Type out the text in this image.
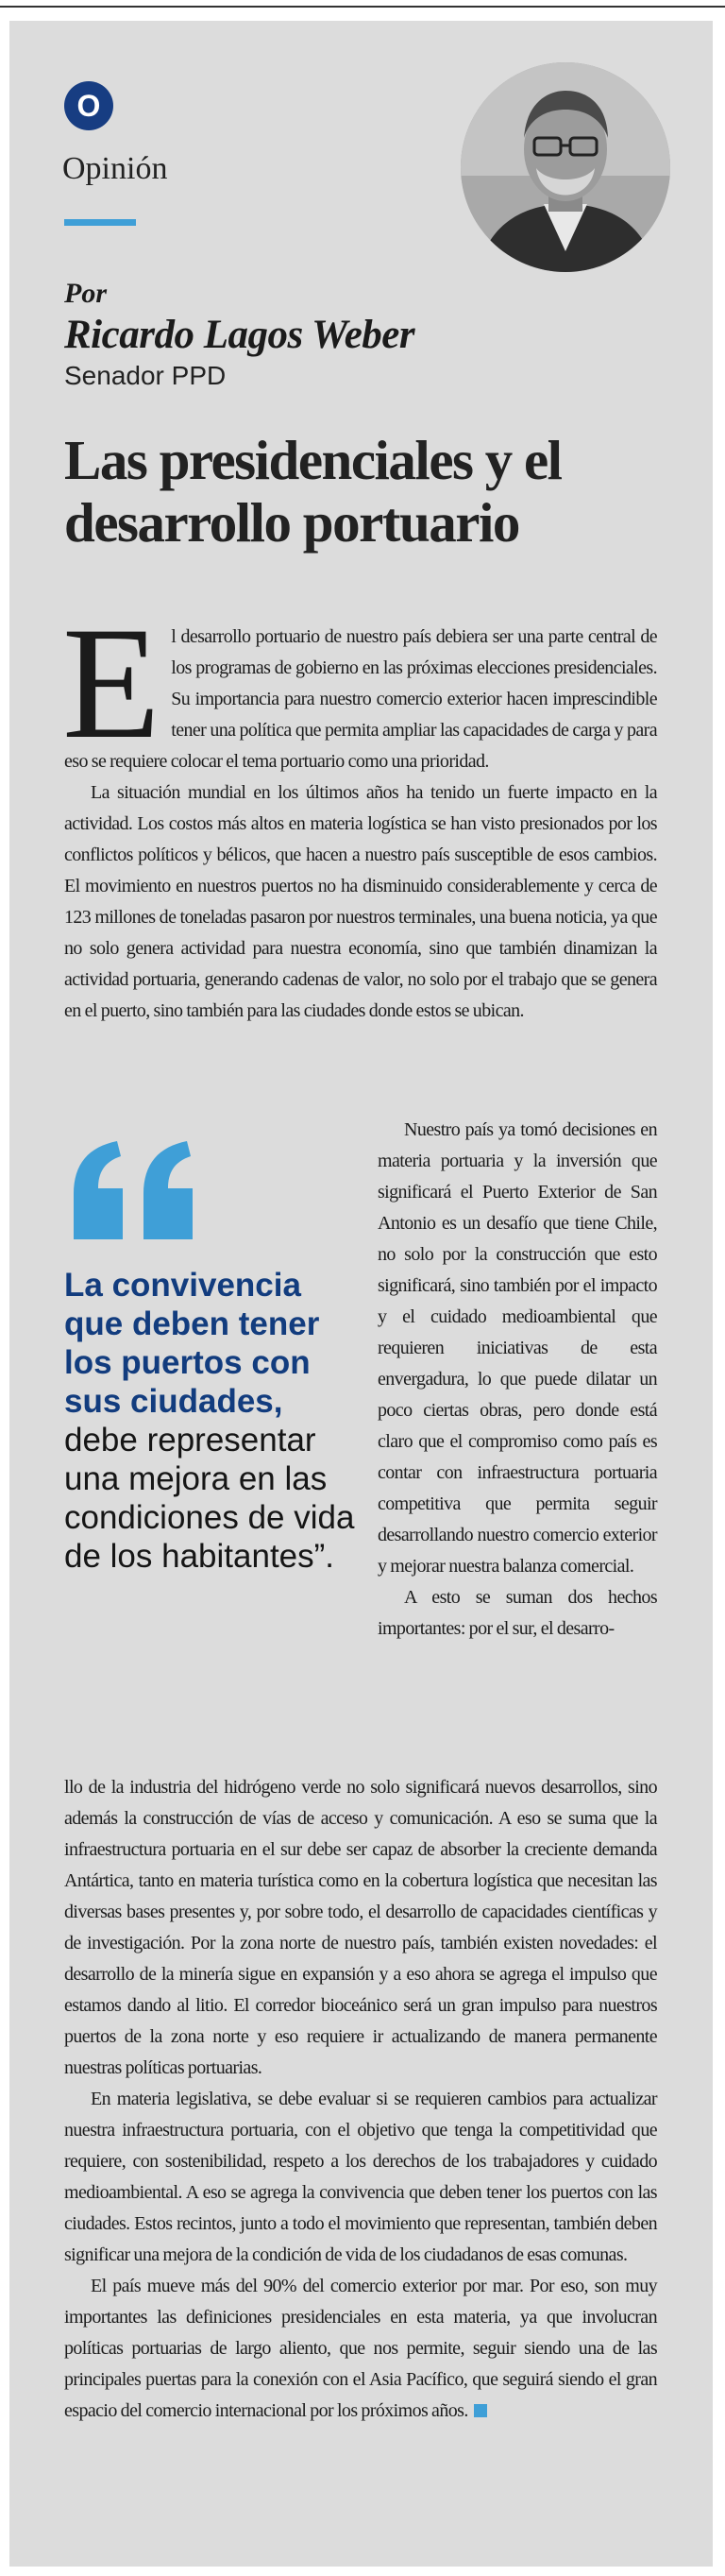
O
Opinión
Por
Ricardo Lagos Weber
Senador PPD
Las presidenciales y el desarrollo portuario

El desarrollo portuario de nuestro país debiera ser una parte central de los programas de gobierno en las próximas elecciones presidenciales. Su importancia para nuestro comercio exterior hacen imprescindible tener una política que permita ampliar las capacidades de carga y para eso se requiere colocar el tema portuario como una prioridad.

La situación mundial en los últimos años ha tenido un fuerte impacto en la actividad. Los costos más altos en materia logística se han visto presionados por los conflictos políticos y bélicos, que hacen a nuestro país susceptible de esos cambios. El movimiento en nuestros puertos no ha disminuido considerablemente y cerca de 123 millones de toneladas pasaron por nuestros terminales, una buena noticia, ya que no solo genera actividad para nuestra economía, sino que también dinamizan la actividad portuaria, generando cadenas de valor, no solo por el trabajo que se genera en el puerto, sino también para las ciudades donde estos se ubican.

Nuestro país ya tomó decisiones en materia portuaria y la inversión que significará el Puerto Exterior de San Antonio es un desafío que tiene Chile, no solo por la construcción que esto significará, sino también por el impacto y el cuidado medioambiental que requieren iniciativas de esta envergadura, lo que puede dilatar un poco ciertas obras, pero donde está claro que el compromiso como país es contar con infraestructura portuaria competitiva que permita seguir desarrollando nuestro comercio exterior y mejorar nuestra balanza comercial.

A esto se suman dos hechos importantes: por el sur, el desarro-

La convivencia que deben tener los puertos con sus ciudades, debe representar una mejora en las condiciones de vida de los habitantes”.

llo de la industria del hidrógeno verde no solo significará nuevos desarrollos, sino además la construcción de vías de acceso y comunicación. A eso se suma que la infraestructura portuaria en el sur debe ser capaz de absorber la creciente demanda Antártica, tanto en materia turística como en la cobertura logística que necesitan las diversas bases presentes y, por sobre todo, el desarrollo de capacidades científicas y de investigación. Por la zona norte de nuestro país, también existen novedades: el desarrollo de la minería sigue en expansión y a eso ahora se agrega el impulso que estamos dando al litio. El corredor bioceánico será un gran impulso para nuestros puertos de la zona norte y eso requiere ir actualizando de manera permanente nuestras políticas portuarias.

En materia legislativa, se debe evaluar si se requieren cambios para actualizar nuestra infraestructura portuaria, con el objetivo que tenga la competitividad que requiere, con sostenibilidad, respeto a los derechos de los trabajadores y cuidado medioambiental. A eso se agrega la convivencia que deben tener los puertos con las ciudades. Estos recintos, junto a todo el movimiento que representan, también deben significar una mejora de la condición de vida de los ciudadanos de esas comunas.

El país mueve más del 90% del comercio exterior por mar. Por eso, son muy importantes las definiciones presidenciales en esta materia, ya que involucran políticas portuarias de largo aliento, que nos permite, seguir siendo una de las principales puertas para la conexión con el Asia Pacífico, que seguirá siendo el gran espacio del comercio internacional por los próximos años.
